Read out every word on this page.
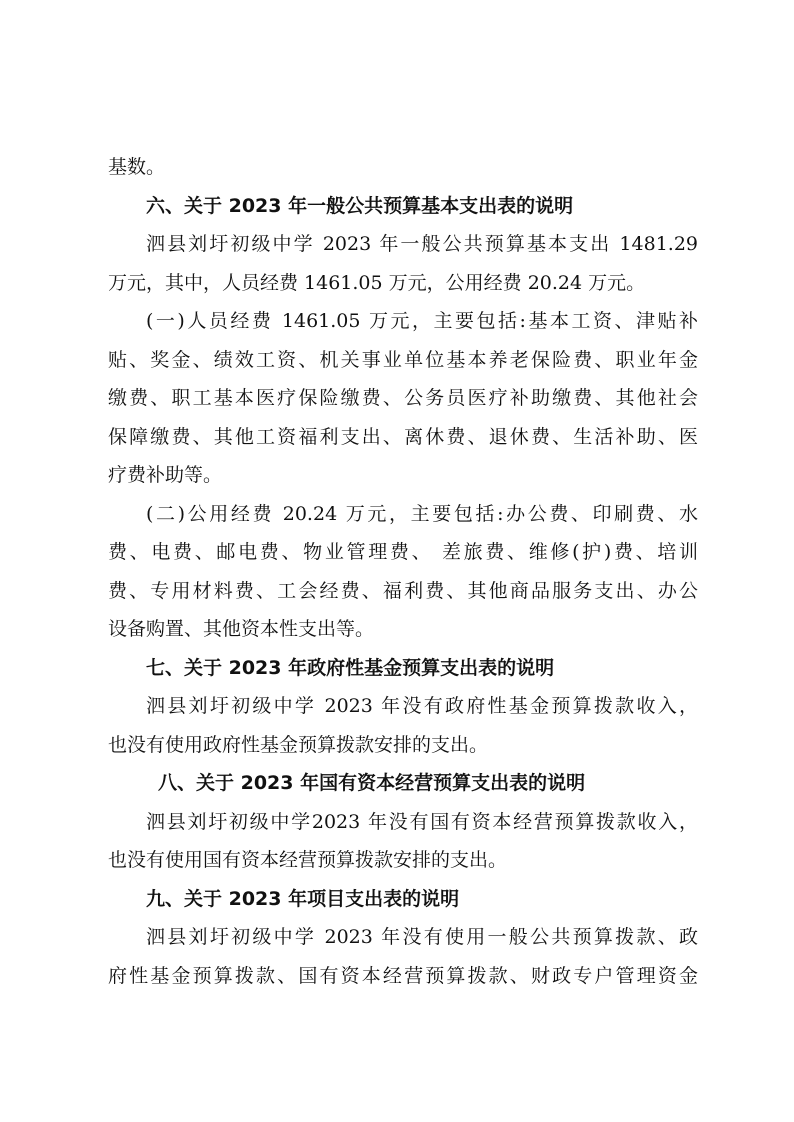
基数。
六、关于 2023 年一般公共预算基本支出表的说明
泗县刘圩初级中学 2023 年一般公共预算基本支出 1481.29
万元，其中，人员经费 1461.05 万元，公用经费 20.24 万元。
(一)人员经费 1461.05 万元，主要包括:基本工资、津贴补
贴、奖金、绩效工资、机关事业单位基本养老保险费、职业年金
缴费、职工基本医疗保险缴费、公务员医疗补助缴费、其他社会
保障缴费、其他工资福利支出、离休费、退休费、生活补助、医
疗费补助等。
(二)公用经费 20.24 万元，主要包括:办公费、印刷费、水
费、电费、邮电费、物业管理费、 差旅费、维修(护)费、培训
费、专用材料费、工会经费、福利费、其他商品服务支出、办公
设备购置、其他资本性支出等。
七、关于 2023 年政府性基金预算支出表的说明
泗县刘圩初级中学 2023 年没有政府性基金预算拨款收入，
也没有使用政府性基金预算拨款安排的支出。
八、关于 2023 年国有资本经营预算支出表的说明
泗县刘圩初级中学2023 年没有国有资本经营预算拨款收入，
也没有使用国有资本经营预算拨款安排的支出。
九、关于 2023 年项目支出表的说明
泗县刘圩初级中学 2023 年没有使用一般公共预算拨款、政
府性基金预算拨款、国有资本经营预算拨款、财政专户管理资金
